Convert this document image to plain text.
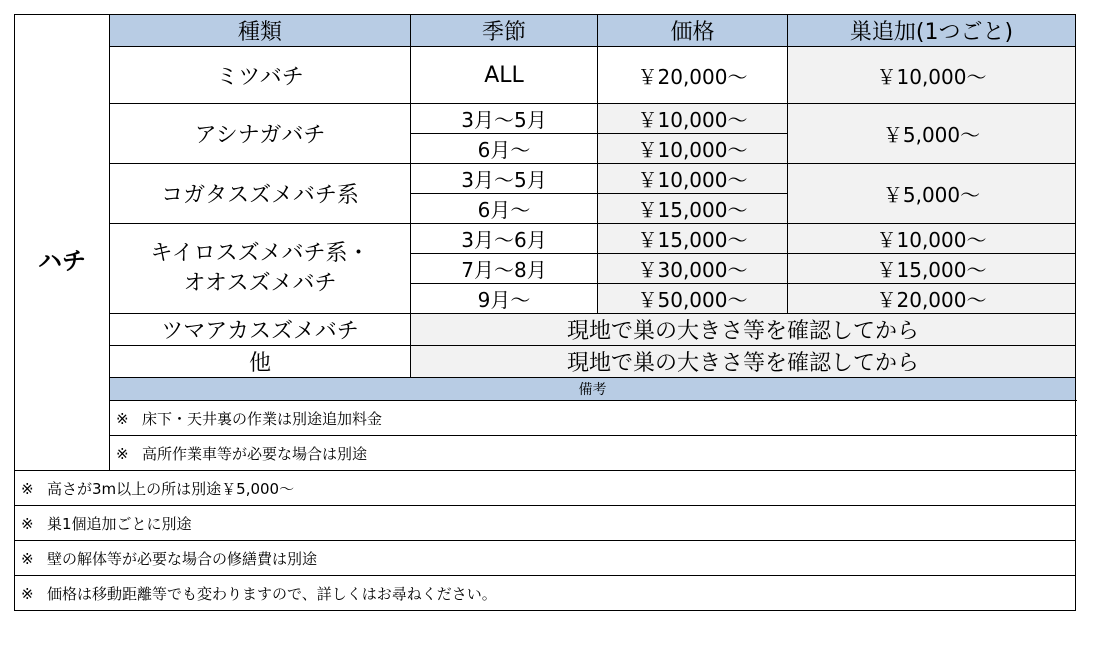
	種類	季節	価格	巣追加(1つごと)
ハチ	ミツバチ	ALL	￥20,000～	￥10,000～
	アシナガバチ	3月～5月	￥10,000～	￥5,000～
		6月～	￥10,000～	
	コガタスズメバチ系	3月～5月	￥10,000～	￥5,000～
		6月～	￥15,000～	

	キイロスズメバチ系・
オオスズメバチ	3月～6月	￥15,000～	￥10,000～
		7月～8月	￥30,000～	￥15,000～
		9月～	￥50,000～	￥20,000～
	ツマアカスズメバチ	現地で巣の大きさ等を確認してから		
	他	現地で巣の大きさ等を確認してから		
	備考			
	※ 床下・天井裏の作業は別途追加料金			
	※ 高所作業車等が必要な場合は別途			
※ 高さが3m以上の所は別途￥5,000～				
※ 巣1個追加ごとに別途				
※ 壁の解体等が必要な場合の修繕費は別途				
※ 価格は移動距離等でも変わりますので、詳しくはお尋ねください。				
